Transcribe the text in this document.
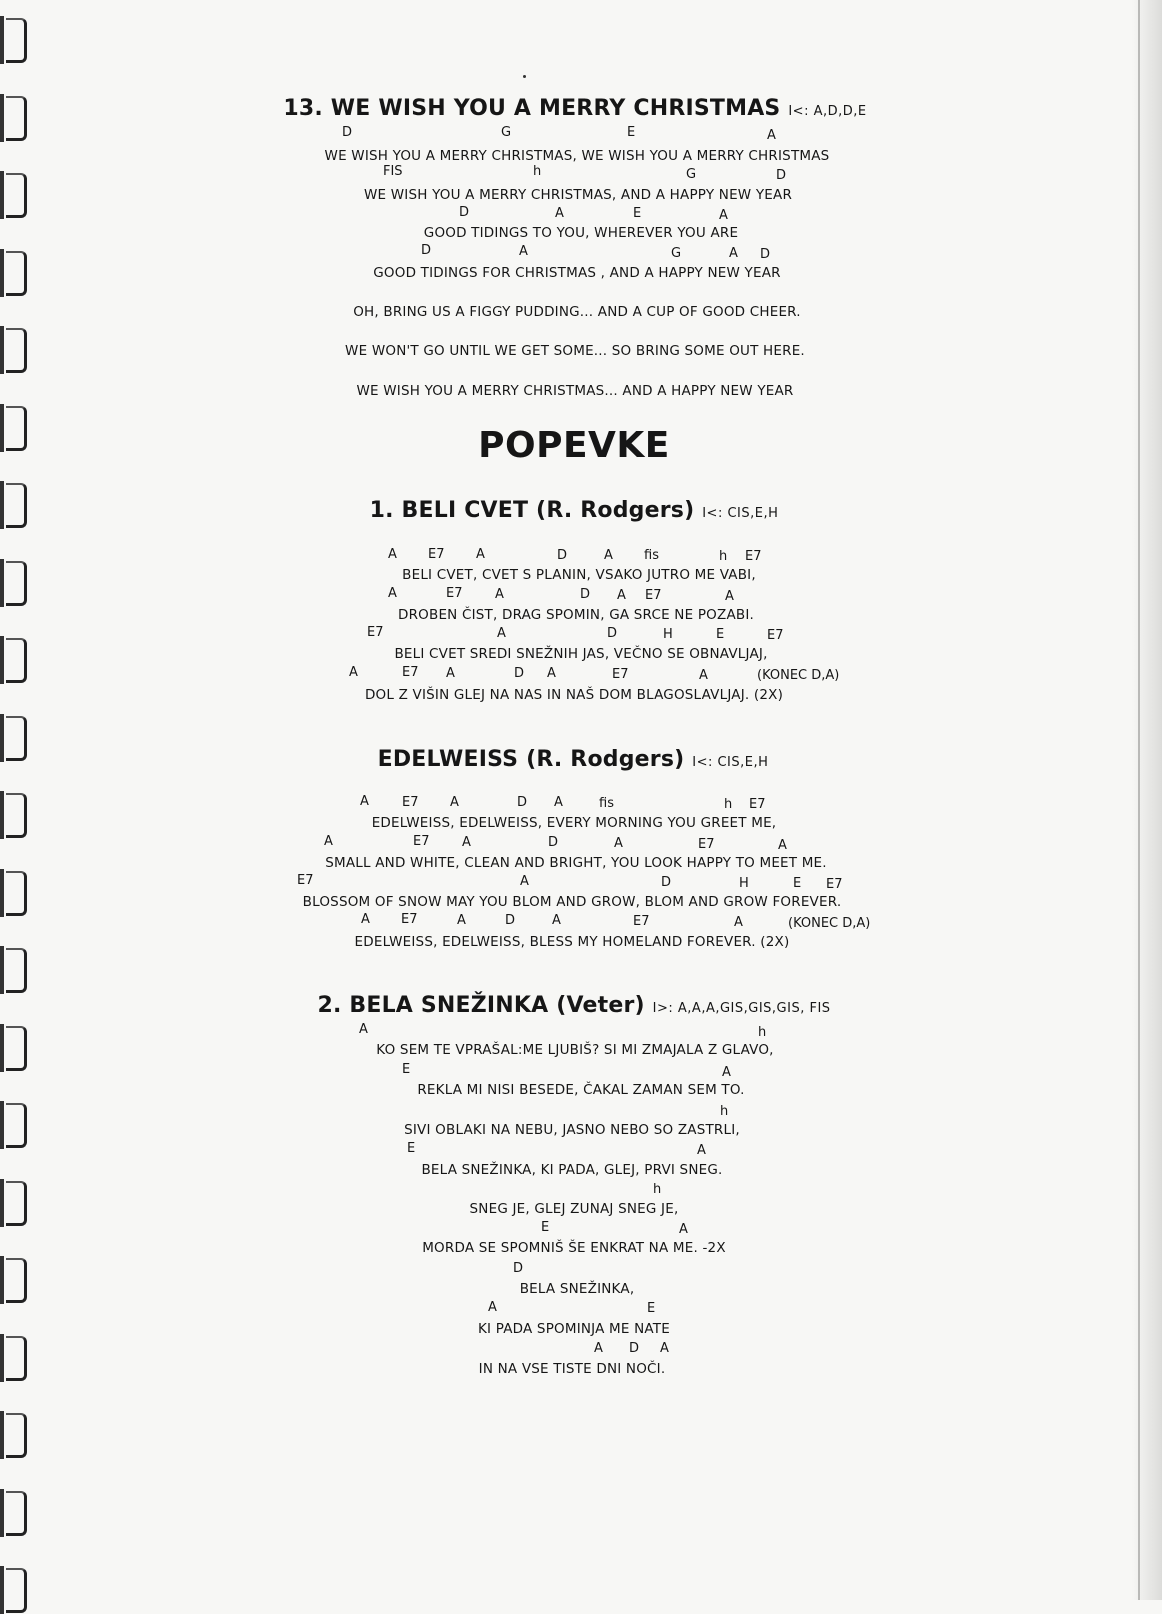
13. WE WISH YOU A MERRY CHRISTMAS I<: A,D,D,E
D	G	E	A
WE WISH YOU A MERRY CHRISTMAS, WE WISH YOU A MERRY CHRISTMAS
FIS	h	G	D
WE WISH YOU A MERRY CHRISTMAS, AND A HAPPY NEW YEAR
D	A	E	A
GOOD TIDINGS TO YOU, WHEREVER YOU ARE
D	A	G	A D
GOOD TIDINGS FOR CHRISTMAS , AND A HAPPY NEW YEAR
OH, BRING US A FIGGY PUDDING... AND A CUP OF GOOD CHEER.
WE WON'T GO UNTIL WE GET SOME... SO BRING SOME OUT HERE.
WE WISH YOU A MERRY CHRISTMAS... AND A HAPPY NEW YEAR
POPEVKE
1. BELI CVET (R. Rodgers) I<: CIS,E,H
A E7 A	D	A fis	h E7
BELI CVET, CVET S PLANIN, VSAKO JUTRO ME VABI,
A	E7	A	D A E7	A
DROBEN ČIST, DRAG SPOMIN, GA SRCE NE POZABI.
E7	A	D	H	E	E7
BELI CVET SREDI SNEŽNIH JAS, VEČNO SE OBNAVLJAJ,
A	E7 A	D A	E7	A	(KONEC D,A)
DOL Z VIŠIN GLEJ NA NAS IN NAŠ DOM BLAGOSLAVLJAJ. (2X)
EDELWEISS (R. Rodgers) I<: CIS,E,H
A	E7 A	D A	fis	h E7
EDELWEISS, EDELWEISS, EVERY MORNING YOU GREET ME,
A	E7	A	D	A	E7	A
SMALL AND WHITE, CLEAN AND BRIGHT, YOU LOOK HAPPY TO MEET ME.
E7	A	D	H	E E7
BLOSSOM OF SNOW MAY YOU BLOM AND GROW, BLOM AND GROW FOREVER.
A E7	A	D	A	E7	A	(KONEC D,A)
EDELWEISS, EDELWEISS, BLESS MY HOMELAND FOREVER. (2X)
2. BELA SNEŽINKA (Veter) I>: A,A,A,GIS,GIS,GIS, FIS
A	h
KO SEM TE VPRAŠAL:ME LJUBIŠ? SI MI ZMAJALA Z GLAVO,
E	A
REKLA MI NISI BESEDE, ČAKAL ZAMAN SEM TO.
h
SIVI OBLAKI NA NEBU, JASNO NEBO SO ZASTRLI,
E	A
BELA SNEŽINKA, KI PADA, GLEJ, PRVI SNEG.
h
SNEG JE, GLEJ ZUNAJ SNEG JE,
E	A
MORDA SE SPOMNIŠ ŠE ENKRAT NA ME. -2X
D
BELA SNEŽINKA,
A	E
KI PADA SPOMINJA ME NATE
A D A
IN NA VSE TISTE DNI NOČI.
